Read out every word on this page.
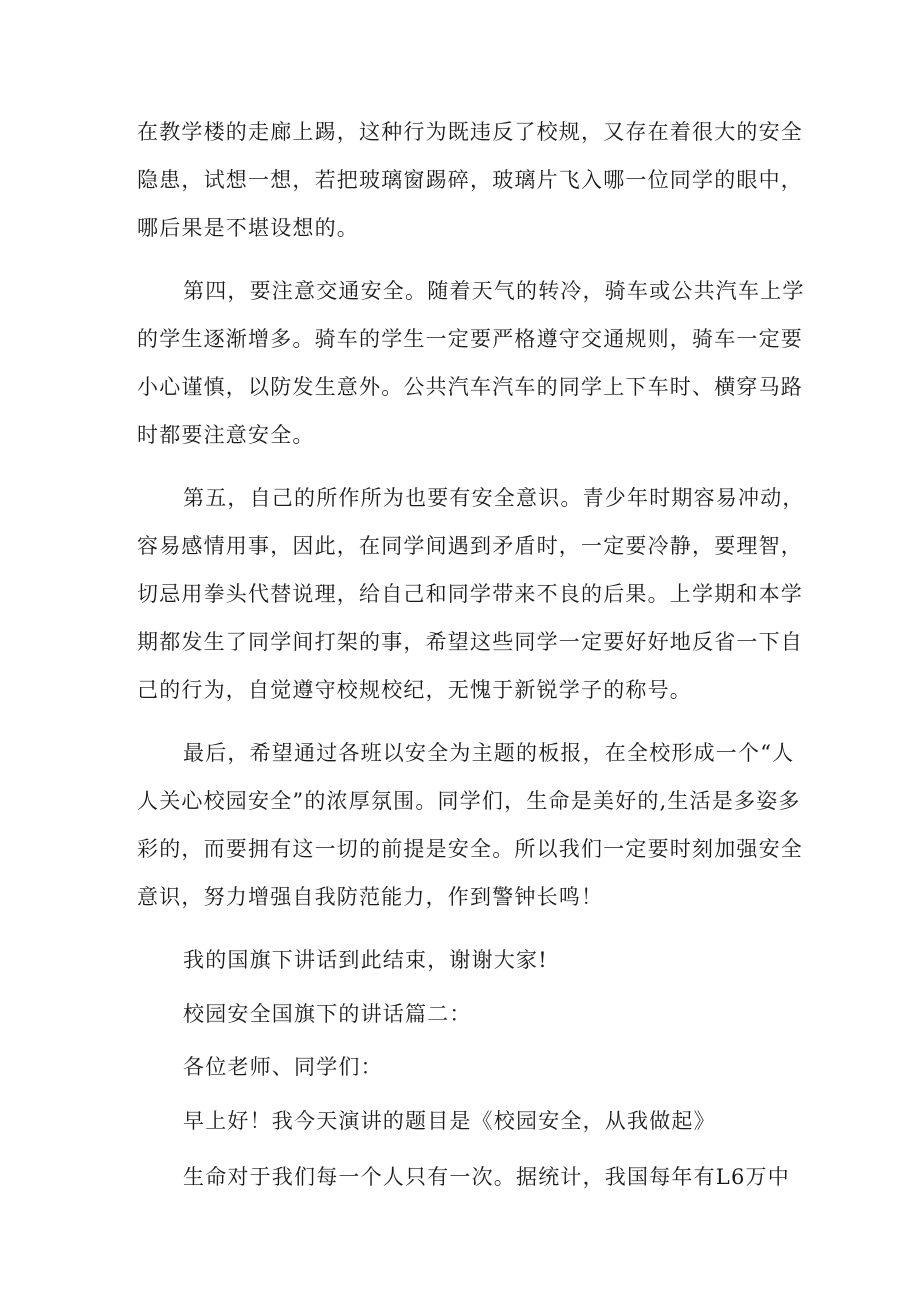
在教学楼的走廊上踢，这种行为既违反了校规，又存在着很大的安全
隐患，试想一想，若把玻璃窗踢碎，玻璃片飞入哪一位同学的眼中，
哪后果是不堪设想的。
第四，要注意交通安全。随着天气的转冷，骑车或公共汽车上学
的学生逐渐增多。骑车的学生一定要严格遵守交通规则，骑车一定要
小心谨慎，以防发生意外。公共汽车汽车的同学上下车时、横穿马路
时都要注意安全。
第五，自己的所作所为也要有安全意识。青少年时期容易冲动，
容易感情用事，因此，在同学间遇到矛盾时，一定要冷静，要理智，
切忌用拳头代替说理，给自己和同学带来不良的后果。上学期和本学
期都发生了同学间打架的事，希望这些同学一定要好好地反省一下自
己的行为，自觉遵守校规校纪，无愧于新锐学子的称号。
最后，希望通过各班以安全为主题的板报，在全校形成一个“人
人关心校园安全”的浓厚氛围。同学们，生命是美好的,生活是多姿多
彩的，而要拥有这一切的前提是安全。所以我们一定要时刻加强安全
意识，努力增强自我防范能力，作到警钟长鸣！
我的国旗下讲话到此结束，谢谢大家!
校园安全国旗下的讲话篇二：
各位老师、同学们：
早上好！我今天演讲的题目是《校园安全，从我做起》
生命对于我们每一个人只有一次。据统计，我国每年有L6万中
